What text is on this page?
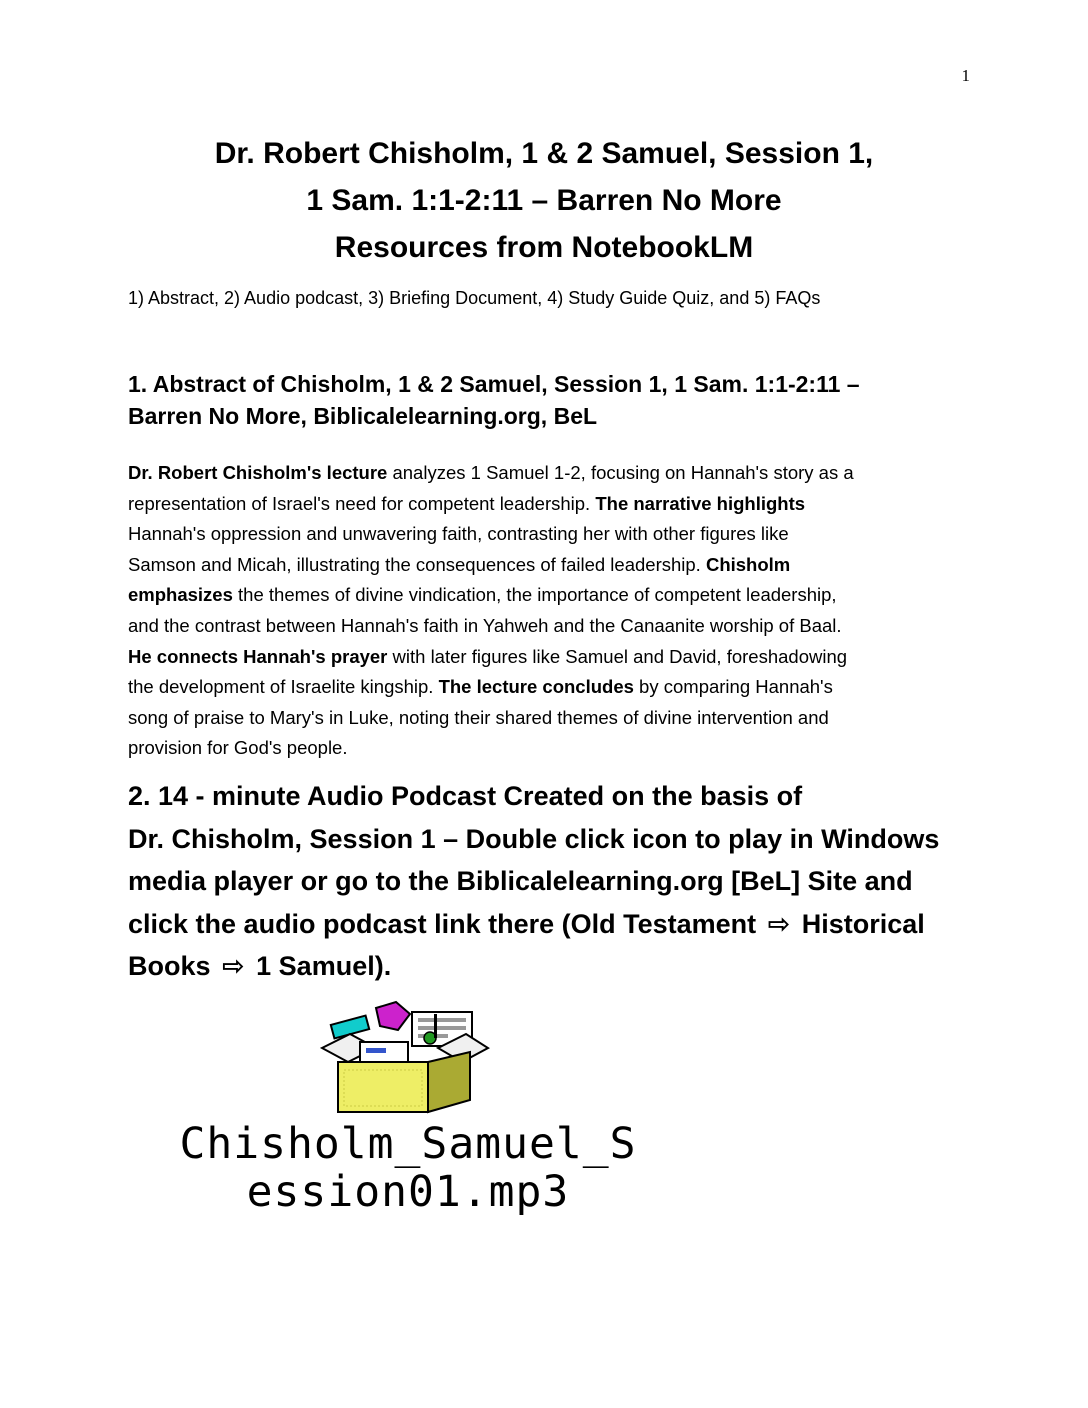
1
Dr. Robert Chisholm, 1 & 2 Samuel, Session 1,
1 Sam. 1:1-2:11 – Barren No More
Resources from NotebookLM
1) Abstract, 2) Audio podcast, 3) Briefing Document, 4) Study Guide Quiz, and 5) FAQs
1. Abstract of Chisholm, 1 & 2 Samuel, Session 1, 1 Sam. 1:1-2:11 –
Barren No More, Biblicalelearning.org, BeL
Dr. Robert Chisholm's lecture analyzes 1 Samuel 1-2, focusing on Hannah's story as a
representation of Israel's need for competent leadership. The narrative highlights
Hannah's oppression and unwavering faith, contrasting her with other figures like
Samson and Micah, illustrating the consequences of failed leadership. Chisholm
emphasizes the themes of divine vindication, the importance of competent leadership,
and the contrast between Hannah's faith in Yahweh and the Canaanite worship of Baal.
He connects Hannah's prayer with later figures like Samuel and David, foreshadowing
the development of Israelite kingship. The lecture concludes by comparing Hannah's
song of praise to Mary's in Luke, noting their shared themes of divine intervention and
provision for God's people.
2. 14 - minute Audio Podcast Created on the basis of
Dr. Chisholm, Session 1 – Double click icon to play in Windows
media player or go to the Biblicalelearning.org [BeL] Site and
click the audio podcast link there (Old Testament ⇨ Historical
Books ⇨ 1 Samuel).
Chisholm_Samuel_S
ession01.mp3
